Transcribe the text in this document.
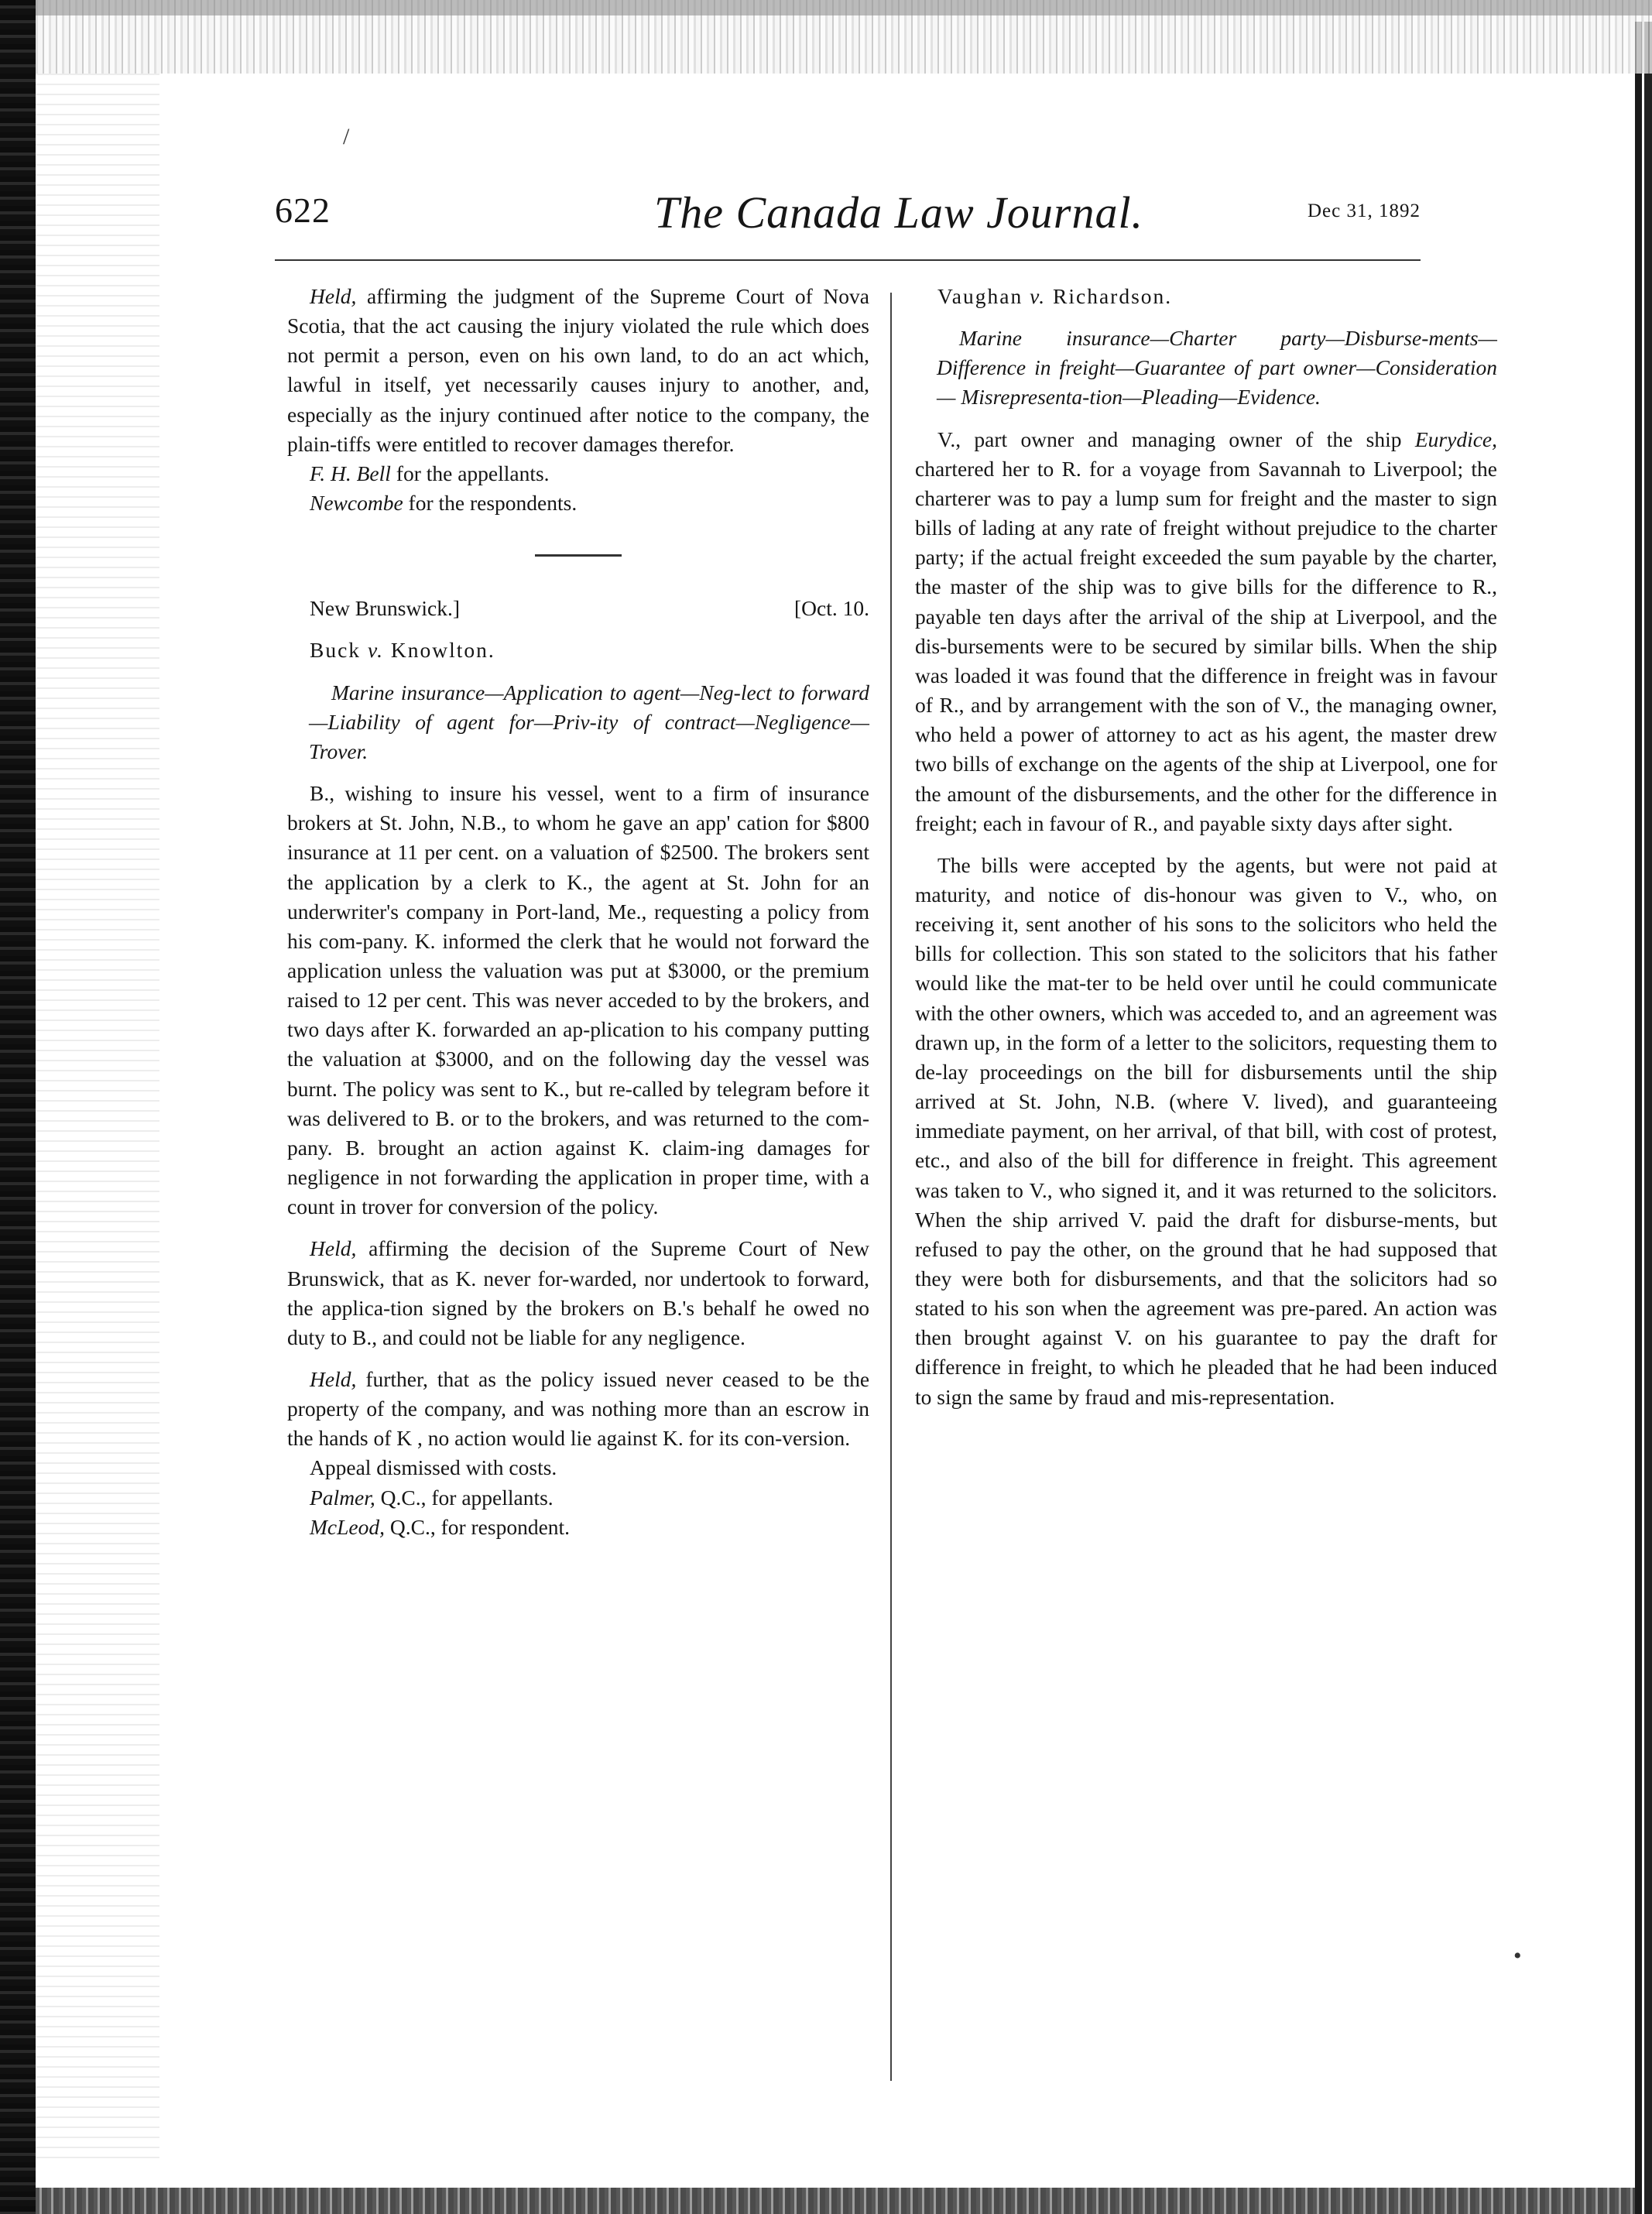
/
•
622	The Canada Law Journal.	Dec 31, 1892

Held, affirming the judgment of the Supreme Court of Nova Scotia, that the act causing the injury violated the rule which does not permit a person, even on his own land, to do an act which, lawful in itself, yet necessarily causes injury to another, and, especially as the injury continued after notice to the company, the plain-tiffs were entitled to recover damages therefor.

F. H. Bell for the appellants.

Newcombe for the respondents.

New Brunswick.]	[Oct. 10.

Buck v. Knowlton.

Marine insurance—Application to agent—Neg-lect to forward—Liability of agent for—Priv-ity of contract—Negligence—Trover.

B., wishing to insure his vessel, went to a firm of insurance brokers at St. John, N.B., to whom he gave an app' cation for $800 insurance at 11 per cent. on a valuation of $2500. The brokers sent the application by a clerk to K., the agent at St. John for an underwriter's company in Port-land, Me., requesting a policy from his com-pany. K. informed the clerk that he would not forward the application unless the valuation was put at $3000, or the premium raised to 12 per cent. This was never acceded to by the brokers, and two days after K. forwarded an ap-plication to his company putting the valuation at $3000, and on the following day the vessel was burnt. The policy was sent to K., but re-called by telegram before it was delivered to B. or to the brokers, and was returned to the com-pany. B. brought an action against K. claim-ing damages for negligence in not forwarding the application in proper time, with a count in trover for conversion of the policy.

Held, affirming the decision of the Supreme Court of New Brunswick, that as K. never for-warded, nor undertook to forward, the applica-tion signed by the brokers on B.'s behalf he owed no duty to B., and could not be liable for any negligence.

Held, further, that as the policy issued never ceased to be the property of the company, and was nothing more than an escrow in the hands of K , no action would lie against K. for its con-version.

Appeal dismissed with costs.

Palmer, Q.C., for appellants.

McLeod, Q.C., for respondent.

Vaughan v. Richardson.

Marine insurance—Charter party—Disburse-ments—Difference in freight—Guarantee of part owner—Consideration — Misrepresenta-tion—Pleading—Evidence.

V., part owner and managing owner of the ship Eurydice, chartered her to R. for a voyage from Savannah to Liverpool; the charterer was to pay a lump sum for freight and the master to sign bills of lading at any rate of freight without prejudice to the charter party; if the actual freight exceeded the sum payable by the charter, the master of the ship was to give bills for the difference to R., payable ten days after the arrival of the ship at Liverpool, and the dis-bursements were to be secured by similar bills. When the ship was loaded it was found that the difference in freight was in favour of R., and by arrangement with the son of V., the managing owner, who held a power of attorney to act as his agent, the master drew two bills of exchange on the agents of the ship at Liverpool, one for the amount of the disbursements, and the other for the difference in freight; each in favour of R., and payable sixty days after sight.

The bills were accepted by the agents, but were not paid at maturity, and notice of dis-honour was given to V., who, on receiving it, sent another of his sons to the solicitors who held the bills for collection. This son stated to the solicitors that his father would like the mat-ter to be held over until he could communicate with the other owners, which was acceded to, and an agreement was drawn up, in the form of a letter to the solicitors, requesting them to de-lay proceedings on the bill for disbursements until the ship arrived at St. John, N.B. (where V. lived), and guaranteeing immediate payment, on her arrival, of that bill, with cost of protest, etc., and also of the bill for difference in freight. This agreement was taken to V., who signed it, and it was returned to the solicitors. When the ship arrived V. paid the draft for disburse-ments, but refused to pay the other, on the ground that he had supposed that they were both for disbursements, and that the solicitors had so stated to his son when the agreement was pre-pared. An action was then brought against V. on his guarantee to pay the draft for difference in freight, to which he pleaded that he had been induced to sign the same by fraud and mis-representation.
